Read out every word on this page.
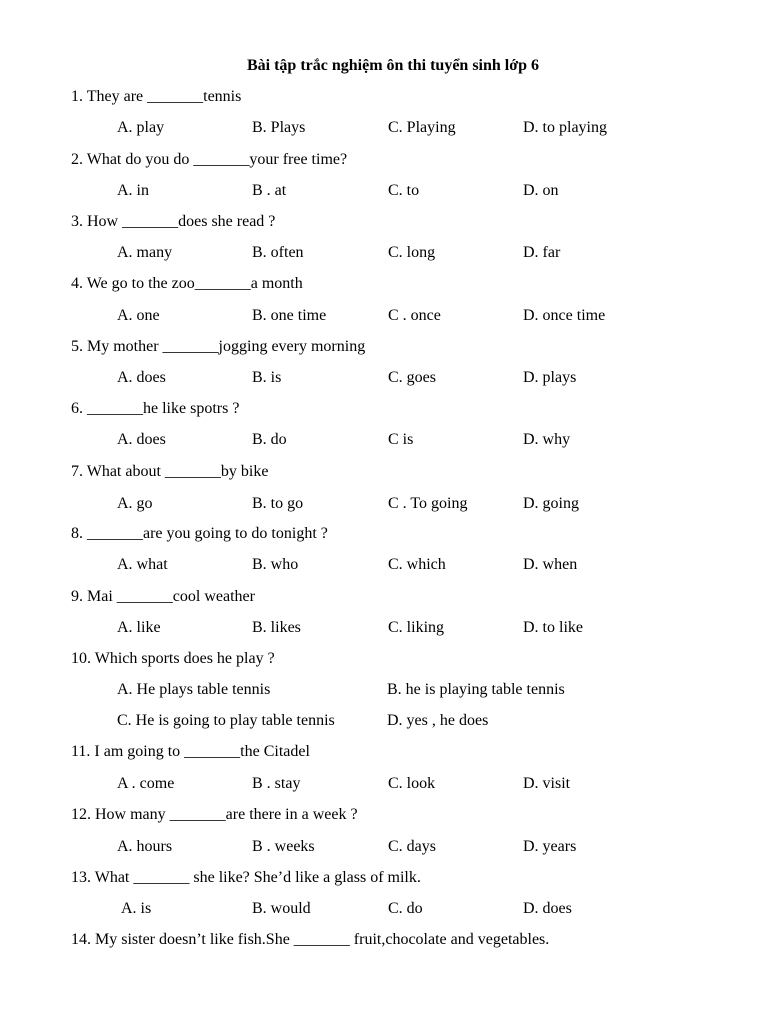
Bài tập trắc nghiệm ôn thi tuyển sinh lớp 6
1. They are _______tennis
A. play	B. Plays	C. Playing	D. to playing
2. What do you do _______your free time?
A. in	B . at	C. to	D. on
3. How _______does she read ?
A. many	B. often	C. long	D. far
4. We go to the zoo_______a month
A. one	B. one time	C . once	D. once time
5. My mother _______jogging every morning
A. does	B. is	C. goes	D. plays
6. _______he like spotrs ?
A. does	B. do	C is	D. why
7. What about _______by bike
A. go	B. to go	C . To going	D. going
8. _______are you going to do tonight ?
A. what	B. who	C. which	D. when
9. Mai _______cool weather
A. like	B. likes	C. liking	D. to like
10. Which sports does he play ?
A. He plays table tennis	B. he is playing table tennis
C. He is going to play table tennis	D. yes , he does
11. I am going to _______the Citadel
A . come	B . stay	C. look	D. visit
12. How many _______are there in a week ?
A. hours	B . weeks	C. days	D. years
13. What _______ she like? She’d like a glass of milk.
A. is	B. would	C. do	D. does
14. My sister doesn’t like fish.She _______ fruit,chocolate and vegetables.
